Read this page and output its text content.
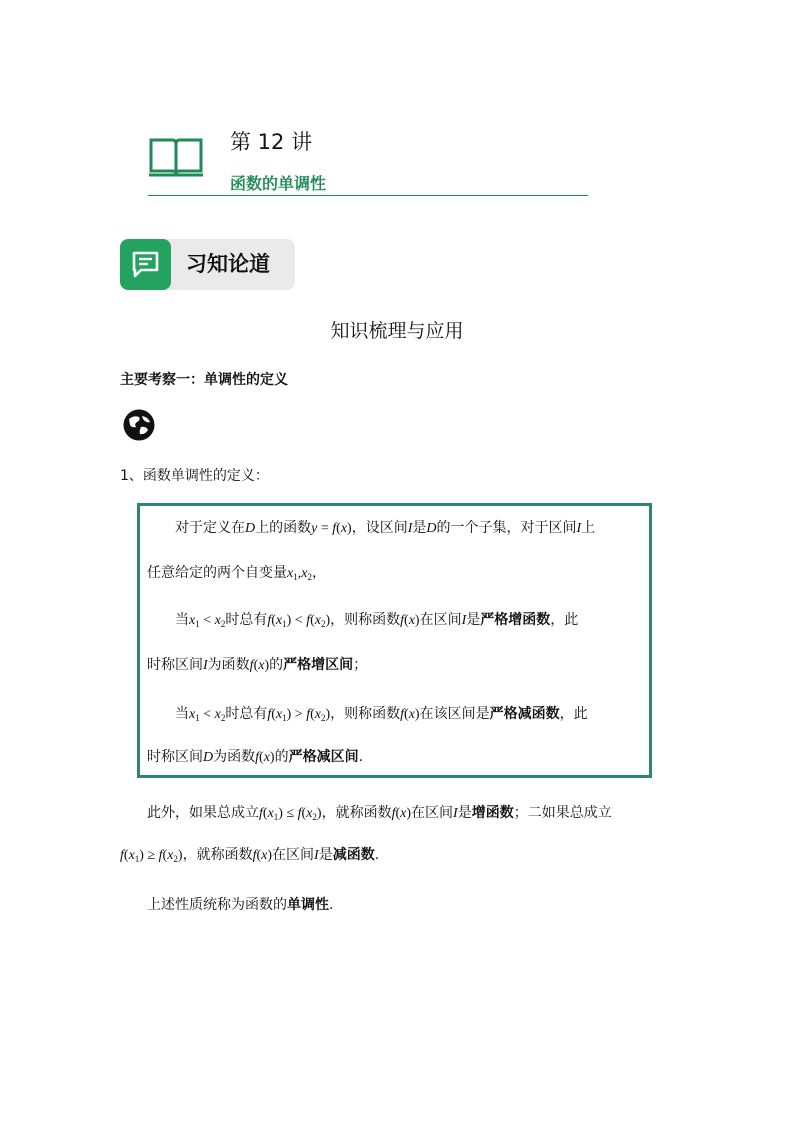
第 12 讲
函数的单调性
习知论道
知识梳理与应用
主要考察一：单调性的定义
1、函数单调性的定义：
对于定义在D上的函数y = f(x)，设区间I是D的一个子集，对于区间I上
任意给定的两个自变量$x_1,x_2$，
当$x_1 < x_2$时总有$f(x_1) < f(x_2)$，则称函数f(x)在区间I是严格增函数，此
时称区间I为函数f(x)的严格增区间；
当$x_1 < x_2$时总有$f(x_1) > f(x_2)$，则称函数f(x)在该区间是严格减函数，此
时称区间D为函数f(x)的严格减区间.
此外，如果总成立$f(x_1) \le f(x_2)$，就称函数f(x)在区间I是增函数；二如果总成立
$f(x_1) \ge f(x_2)$，就称函数f(x)在区间I是减函数.
上述性质统称为函数的单调性.
